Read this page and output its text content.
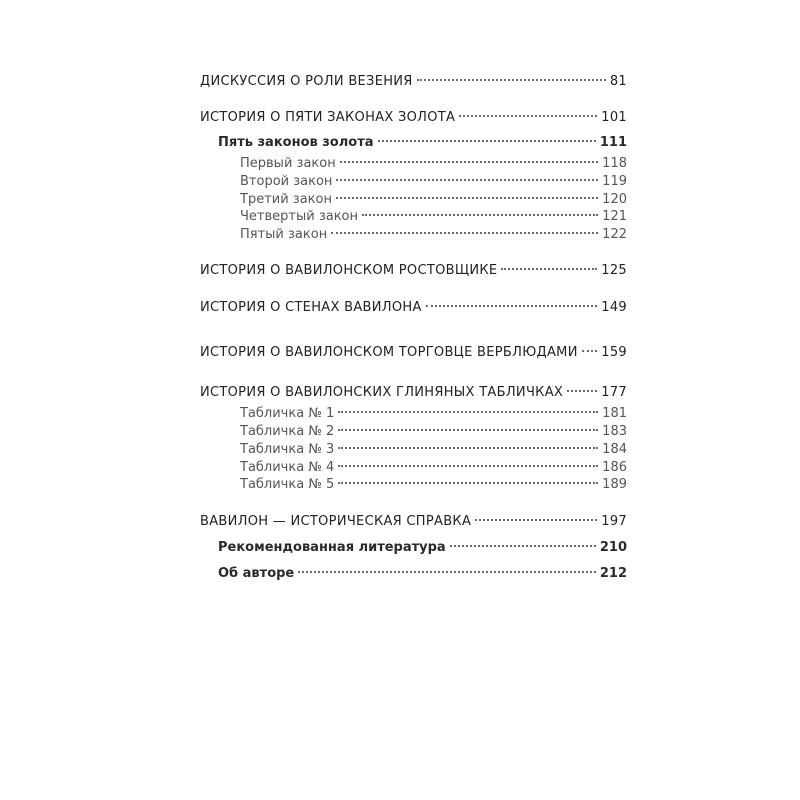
ДИСКУССИЯ О РОЛИ ВЕЗЕНИЯ	81
ИСТОРИЯ О ПЯТИ ЗАКОНАХ ЗОЛОТА	101
Пять законов золота	111
Первый закон	118
Второй закон	119
Третий закон	120
Четвертый закон	121
Пятый закон	122
ИСТОРИЯ О ВАВИЛОНСКОМ РОСТОВЩИКЕ	125
ИСТОРИЯ О СТЕНАХ ВАВИЛОНА	149
ИСТОРИЯ О ВАВИЛОНСКОМ ТОРГОВЦЕ ВЕРБЛЮДАМИ 159
ИСТОРИЯ О ВАВИЛОНСКИХ ГЛИНЯНЫХ ТАБЛИЧКАХ	177
Табличка № 1	181
Табличка № 2	183
Табличка № 3	184
Табличка № 4	186
Табличка № 5	189
ВАВИЛОН — ИСТОРИЧЕСКАЯ СПРАВКА	197
Рекомендованная литература	210
Об авторе	212
